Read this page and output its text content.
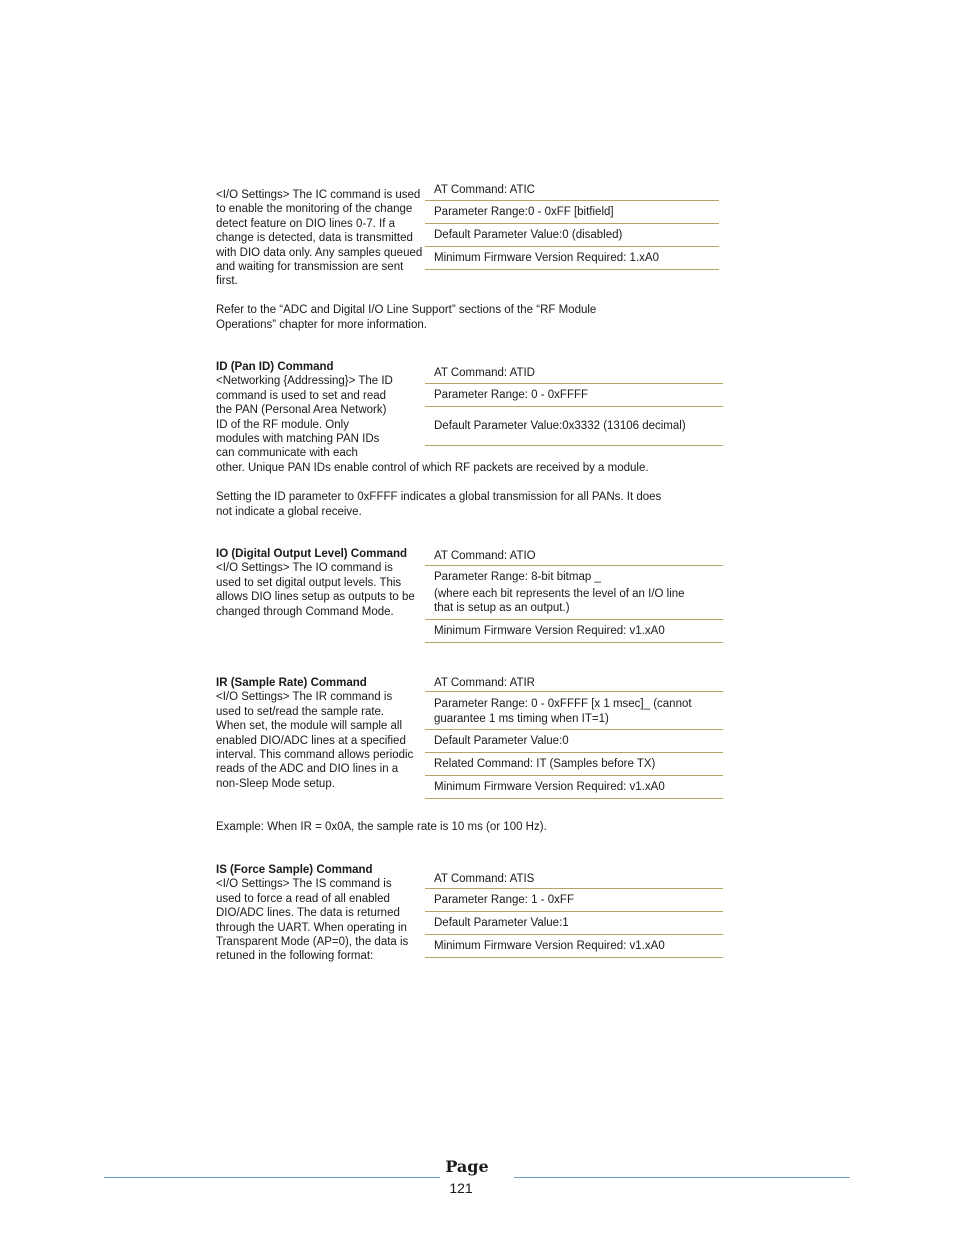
<I/O Settings> The IC command is used to enable the monitoring of the change detect feature on DIO lines 0-7. If a change is detected, data is transmitted with DIO data only. Any samples queued and waiting for transmission are sent first.

AT Command: ATIC
Parameter Range:0 - 0xFF [bitfield]
Default Parameter Value:0 (disabled)
Minimum Firmware Version Required: 1.xA0

Refer to the “ADC and Digital I/O Line Support” sections of the “RF Module Operations” chapter for more information.

ID (Pan ID) Command
<Networking {Addressing}> The ID
command is used to set and read
the PAN (Personal Area Network)
ID of the RF module. Only
modules with matching PAN IDs
can communicate with each
AT Command: ATID
Parameter Range: 0 - 0xFFFF
Default Parameter Value:0x3332 (13106 decimal)

other. Unique PAN IDs enable control of which RF packets are received by a module.

Setting the ID parameter to 0xFFFF indicates a global transmission for all PANs. It does not indicate a global receive.

IO (Digital Output Level) Command
<I/O Settings> The IO command is used to set digital output levels. This allows DIO lines setup as outputs to be changed through Command Mode.
AT Command: ATIO
Parameter Range: 8-bit bitmap _
(where each bit represents the level of an I/O line that is setup as an output.)
Minimum Firmware Version Required: v1.xA0
IR (Sample Rate) Command
<I/O Settings> The IR command is used to set/read the sample rate. When set, the module will sample all enabled DIO/ADC lines at a specified interval. This command allows periodic reads of the ADC and DIO lines in a non-Sleep Mode setup.
AT Command: ATIR
Parameter Range: 0 - 0xFFFF [x 1 msec]_ (cannot guarantee 1 ms timing when IT=1)
Default Parameter Value:0
Related Command: IT (Samples before TX)
Minimum Firmware Version Required: v1.xA0

Example: When IR = 0x0A, the sample rate is 10 ms (or 100 Hz).

IS (Force Sample) Command
<I/O Settings> The IS command is used to force a read of all enabled DIO/ADC lines. The data is returned through the UART. When operating in Transparent Mode (AP=0), the data is retuned in the following format:
AT Command: ATIS
Parameter Range: 1 - 0xFF
Default Parameter Value:1
Minimum Firmware Version Required: v1.xA0
Page
121
